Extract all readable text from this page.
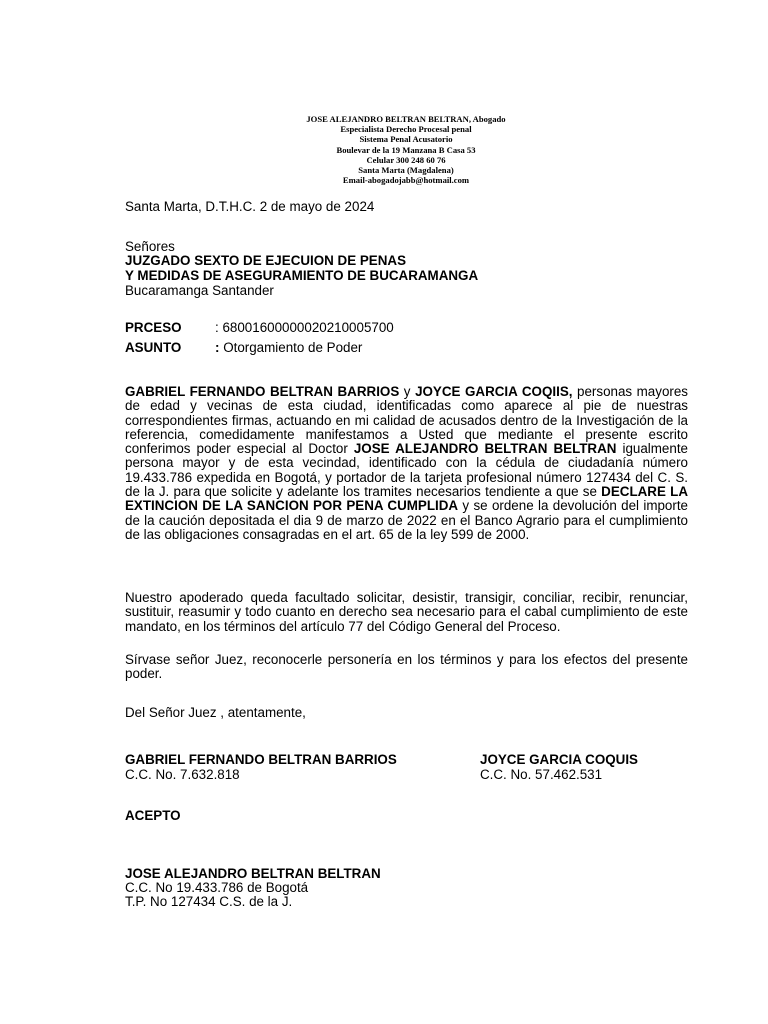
JOSE ALEJANDRO BELTRAN BELTRAN, Abogado
Especialista Derecho Procesal penal
Sistema Penal Acusatorio
Boulevar de la 19 Manzana B Casa 53
Celular 300 248 60 76
Santa Marta (Magdalena)
Email-abogadojabb@hotmail.com
Santa Marta, D.T.H.C. 2 de mayo de 2024
Señores
JUZGADO SEXTO DE EJECUION DE PENAS
Y MEDIDAS DE ASEGURAMIENTO DE BUCARAMANGA
Bucaramanga Santander
PRCESO : 68001600000020210005700
ASUNTO	: Otorgamiento de Poder

GABRIEL FERNANDO BELTRAN BARRIOS y JOYCE GARCIA COQIIS, personas mayores de edad y vecinas de esta ciudad, identificadas como aparece al pie de nuestras correspondientes firmas, actuando en mi calidad de acusados dentro de la Investigación de la referencia, comedidamente manifestamos a Usted que mediante el presente escrito conferimos poder especial al Doctor JOSE ALEJANDRO BELTRAN BELTRAN igualmente persona mayor y de esta vecindad, identificado con la cédula de ciudadanía número 19.433.786 expedida en Bogotá, y portador de la tarjeta profesional número 127434 del C. S. de la J. para que solicite y adelante los tramites necesarios tendiente a que se DECLARE LA EXTINCION DE LA SANCION POR PENA CUMPLIDA y se ordene la devolución del importe de la caución depositada el dia 9 de marzo de 2022 en el Banco Agrario para el cumplimiento de las obligaciones consagradas en el art. 65 de la ley 599 de 2000.

Nuestro apoderado queda facultado solicitar, desistir, transigir, conciliar, recibir, renunciar, sustituir, reasumir y todo cuanto en derecho sea necesario para el cabal cumplimiento de este mandato, en los términos del artículo 77 del Código General del Proceso.

Sírvase señor Juez, reconocerle personería en los términos y para los efectos del presente poder.

Del Señor Juez , atentamente,
GABRIEL FERNANDO BELTRAN BARRIOS
C.C. No. 7.632.818
JOYCE GARCIA COQUIS
C.C. No. 57.462.531
ACEPTO
JOSE ALEJANDRO BELTRAN BELTRAN
C.C. No 19.433.786 de Bogotá
T.P. No 127434 C.S. de la J.
